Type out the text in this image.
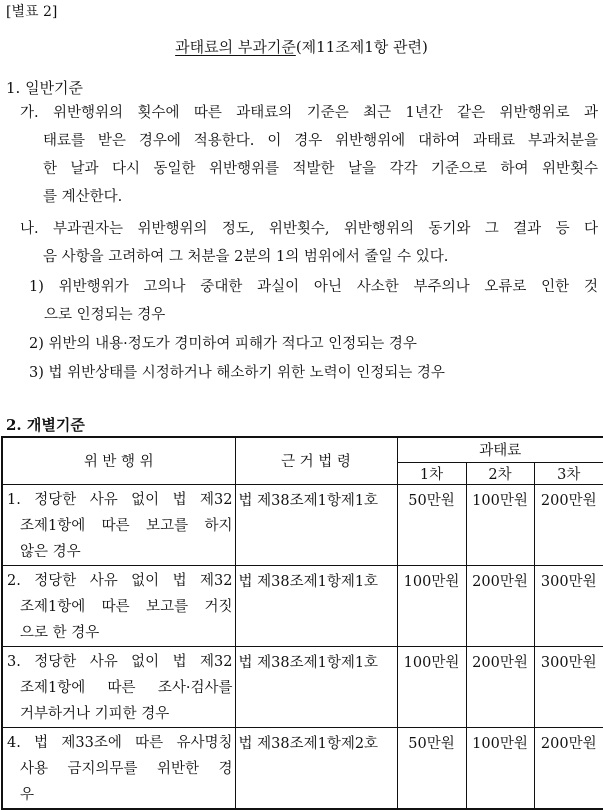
[별표 2]
과태료의 부과기준(제11조제1항 관련)
1. 일반기준
가. 위반행위의 횟수에 따른 과태료의 기준은 최근 1년간 같은 위반행위로 과
태료를 받은 경우에 적용한다. 이 경우 위반행위에 대하여 과태료 부과처분을
한 날과 다시 동일한 위반행위를 적발한 날을 각각 기준으로 하여 위반횟수
를 계산한다.
나. 부과권자는 위반행위의 정도, 위반횟수, 위반행위의 동기와 그 결과 등 다
음 사항을 고려하여 그 처분을 2분의 1의 범위에서 줄일 수 있다.
1) 위반행위가 고의나 중대한 과실이 아닌 사소한 부주의나 오류로 인한 것
으로 인정되는 경우
2) 위반의 내용·정도가 경미하여 피해가 적다고 인정되는 경우
3) 법 위반상태를 시정하거나 해소하기 위한 노력이 인정되는 경우
2. 개별기준
위 반 행 위	근 거 법 령	과태료		
		1차	2차	3차

1. 정당한 사유 없이 법 제32
조제1항에 따른 보고를 하지
않은 경우	법 제38조제1항제1호	50만원	100만원	200만원

2. 정당한 사유 없이 법 제32
조제1항에 따른 보고를 거짓
으로 한 경우	법 제38조제1항제1호	100만원	200만원	300만원

3. 정당한 사유 없이 법 제32
조제1항에 따른 조사·검사를
거부하거나 기피한 경우	법 제38조제1항제1호	100만원	200만원	300만원

4. 법 제33조에 따른 유사명칭
사용 금지의무를 위반한 경
우	법 제38조제1항제2호	50만원	100만원	200만원
